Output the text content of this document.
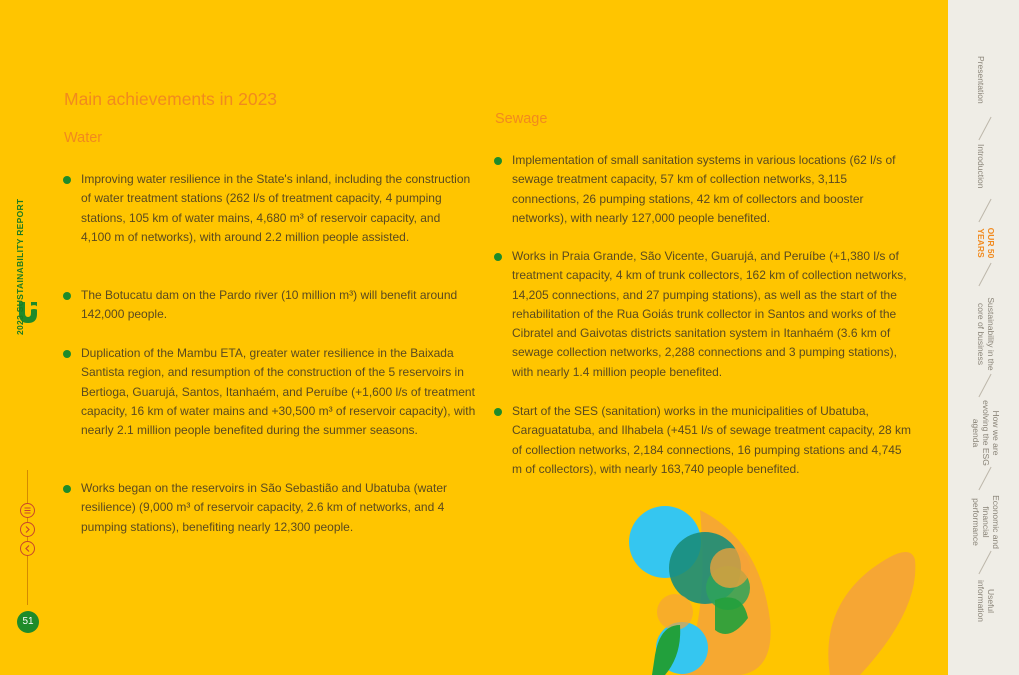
2023 SUSTAINABILITY REPORT
51
Main achievements in 2023
Water
Sewage
Improving water resilience in the State's inland, including the construction of water treatment stations (262 l/s of treatment capacity, 4 pumping stations, 105 km of water mains, 4,680 m³ of reservoir capacity, and 4,100 m of networks), with around 2.2 million people assisted.
The Botucatu dam on the Pardo river (10 million m³) will benefit around 142,000 people.
Duplication of the Mambu ETA, greater water resilience in the Baixada Santista region, and resumption of the construction of the 5 reservoirs in Bertioga, Guarujá, Santos, Itanhaém, and Peruíbe (+1,600 l/s of treatment capacity, 16 km of water mains and +30,500 m³ of reservoir capacity), with nearly 2.1 million people benefited during the summer seasons.
Works began on the reservoirs in São Sebastião and Ubatuba (water resilience) (9,000 m³ of reservoir capacity, 2.6 km of networks, and 4 pumping stations), benefiting nearly 12,300 people.
Implementation of small sanitation systems in various locations (62 l/s of sewage treatment capacity, 57 km of collection networks, 3,115 connections, 26 pumping stations, 42 km of collectors and booster networks), with nearly 127,000 people benefited.
Works in Praia Grande, São Vicente, Guarujá, and Peruíbe (+1,380 l/s of treatment capacity, 4 km of trunk collectors, 162 km of collection networks, 14,205 connections, and 27 pumping stations), as well as the start of the rehabilitation of the Rua Goiás trunk collector in Santos and works of the Cibratel and Gaivotas districts sanitation system in Itanhaém (3.6 km of sewage collection networks, 2,288 connections and 3 pumping stations), with nearly 1.4 million people benefited.
Start of the SES (sanitation) works in the municipalities of Ubatuba, Caraguatatuba, and Ilhabela (+451 l/s of sewage treatment capacity, 28 km of collection networks, 2,184 connections, 16 pumping stations and 4,745 m of collectors), with nearly 163,740 people benefited.
Presentation
Introduction
OUR 50 YEARS
Sustainability in the core of business
How we are evolving the ESG agenda
Economic and financial performance
Useful information
